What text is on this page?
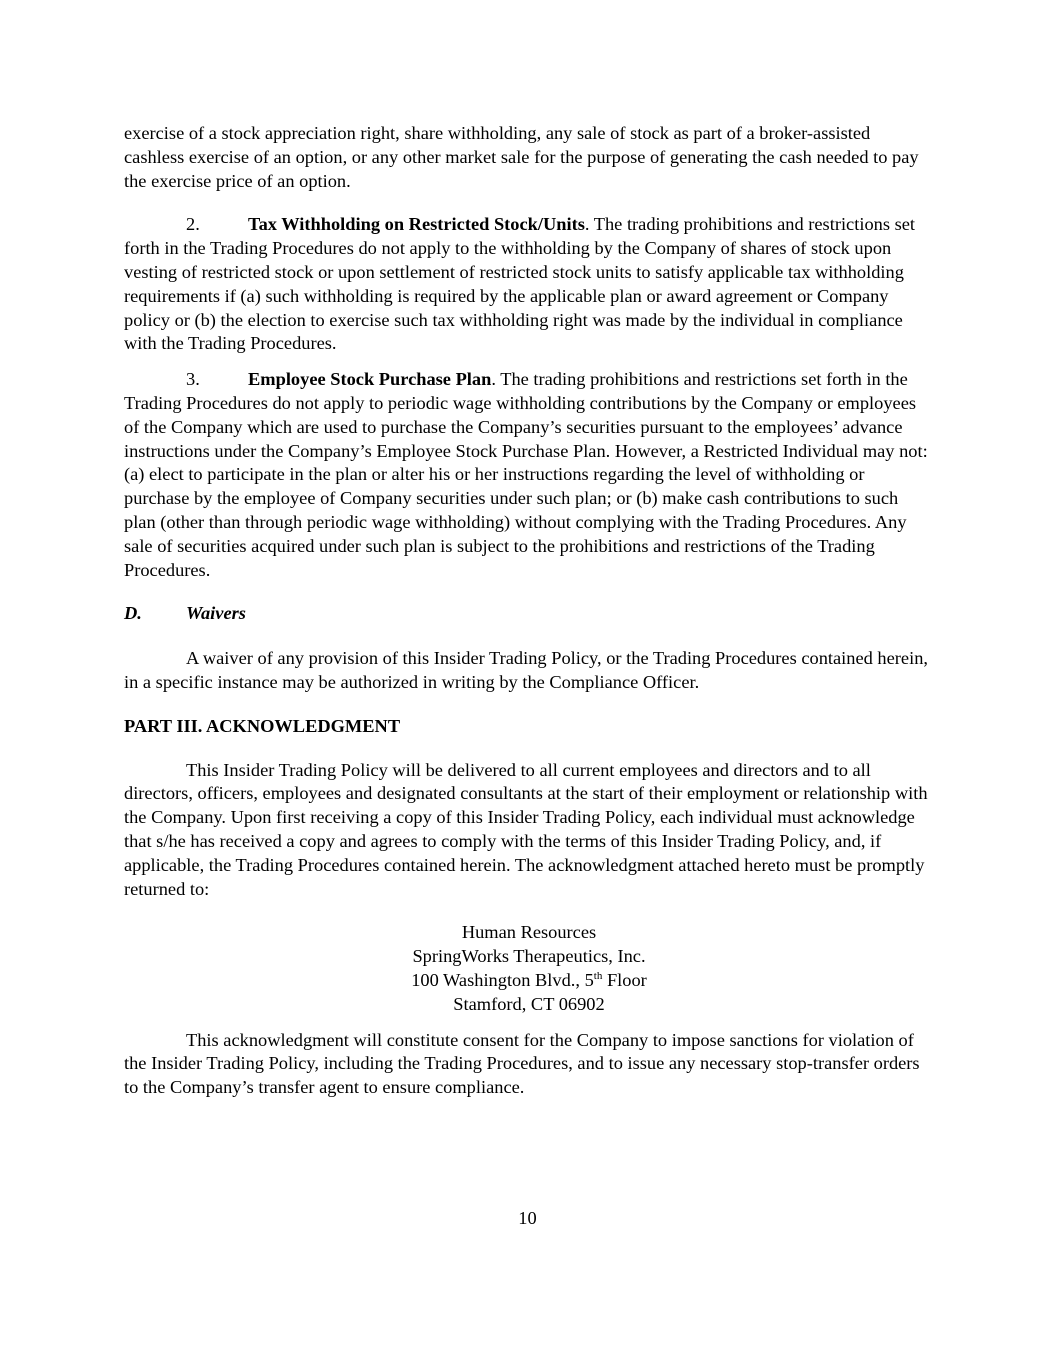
exercise of a stock appreciation right, share withholding, any sale of stock as part of a broker-assisted cashless exercise of an option, or any other market sale for the purpose of generating the cash needed to pay the exercise price of an option.

2.	Tax Withholding on Restricted Stock/Units. The trading prohibitions and restrictions set forth in the Trading Procedures do not apply to the withholding by the Company of shares of stock upon vesting of restricted stock or upon settlement of restricted stock units to satisfy applicable tax withholding requirements if (a) such withholding is required by the applicable plan or award agreement or Company policy or (b) the election to exercise such tax withholding right was made by the individual in compliance with the Trading Procedures.

3.	Employee Stock Purchase Plan. The trading prohibitions and restrictions set forth in the Trading Procedures do not apply to periodic wage withholding contributions by the Company or employees of the Company which are used to purchase the Company’s securities pursuant to the employees’ advance instructions under the Company’s Employee Stock Purchase Plan. However, a Restricted Individual may not: (a) elect to participate in the plan or alter his or her instructions regarding the level of withholding or purchase by the employee of Company securities under such plan; or (b) make cash contributions to such plan (other than through periodic wage withholding) without complying with the Trading Procedures. Any sale of securities acquired under such plan is subject to the prohibitions and restrictions of the Trading Procedures.

D. Waivers

A waiver of any provision of this Insider Trading Policy, or the Trading Procedures contained herein, in a specific instance may be authorized in writing by the Compliance Officer.

PART III. ACKNOWLEDGMENT

This Insider Trading Policy will be delivered to all current employees and directors and to all directors, officers, employees and designated consultants at the start of their employment or relationship with the Company. Upon first receiving a copy of this Insider Trading Policy, each individual must acknowledge that s/he has received a copy and agrees to comply with the terms of this Insider Trading Policy, and, if applicable, the Trading Procedures contained herein. The acknowledgment attached hereto must be promptly returned to:

Human Resources
SpringWorks Therapeutics, Inc.
100 Washington Blvd., 5th Floor
Stamford, CT 06902

This acknowledgment will constitute consent for the Company to impose sanctions for violation of the Insider Trading Policy, including the Trading Procedures, and to issue any necessary stop-transfer orders to the Company’s transfer agent to ensure compliance.

10
